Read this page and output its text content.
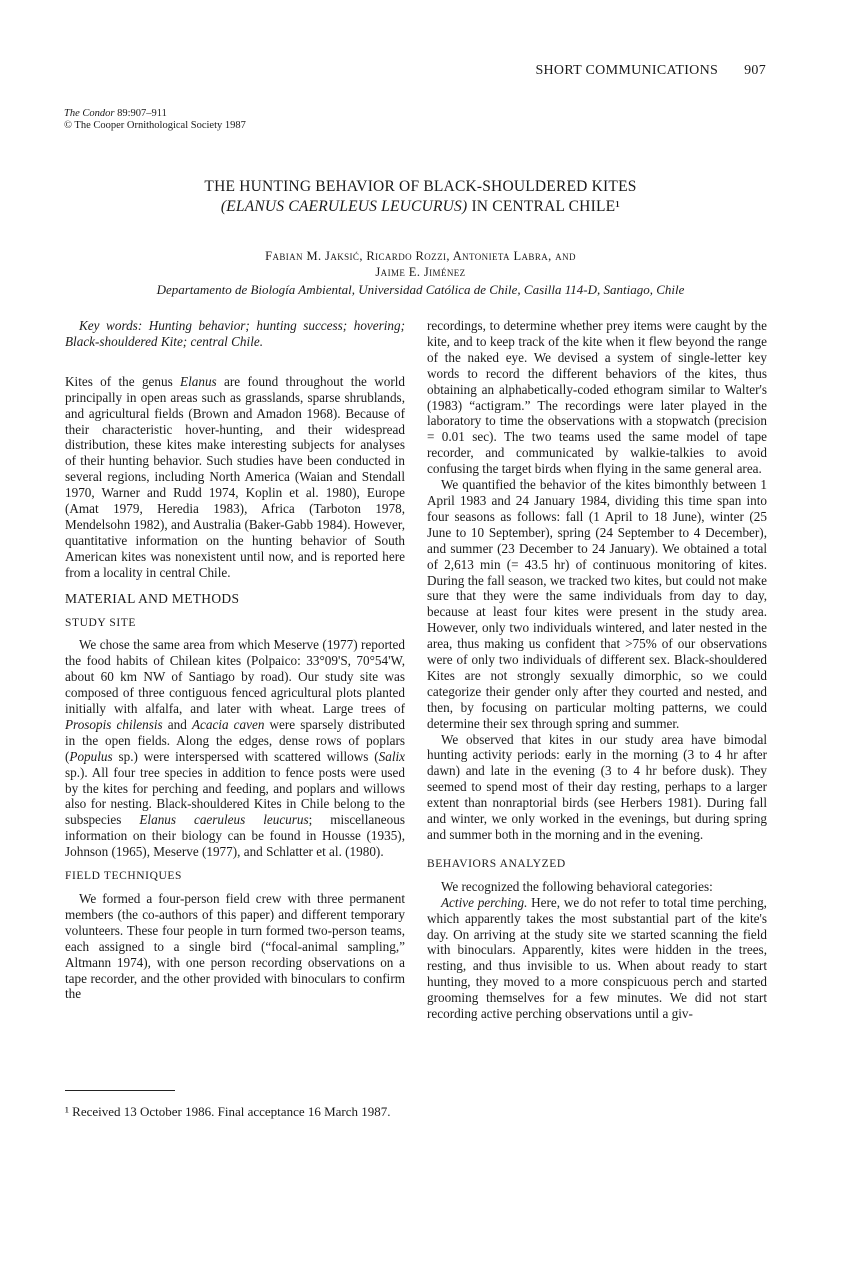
SHORT COMMUNICATIONS 907
The Condor 89:907–911
© The Cooper Ornithological Society 1987
THE HUNTING BEHAVIOR OF BLACK-SHOULDERED KITES
(ELANUS CAERULEUS LEUCURUS) IN CENTRAL CHILE¹
Fabian M. Jaksić, Ricardo Rozzi, Antonieta Labra, and
Jaime E. Jiménez
Departamento de Biología Ambiental, Universidad Católica de Chile, Casilla 114-D, Santiago, Chile

Key words: Hunting behavior; hunting success; hovering; Black-shouldered Kite; central Chile.

Kites of the genus Elanus are found throughout the world principally in open areas such as grasslands, sparse shrublands, and agricultural fields (Brown and Amadon 1968). Because of their characteristic hover-hunting, and their widespread distribution, these kites make interesting subjects for analyses of their hunting behavior. Such studies have been conducted in several regions, including North America (Waian and Stendall 1970, Warner and Rudd 1974, Koplin et al. 1980), Europe (Amat 1979, Heredia 1983), Africa (Tarboton 1978, Mendelsohn 1982), and Australia (Baker-Gabb 1984). However, quantitative information on the hunting behavior of South American kites was nonexistent until now, and is reported here from a locality in central Chile.

MATERIAL AND METHODS
STUDY SITE

We chose the same area from which Meserve (1977) reported the food habits of Chilean kites (Polpaico: 33°09'S, 70°54'W, about 60 km NW of Santiago by road). Our study site was composed of three contiguous fenced agricultural plots planted initially with alfalfa, and later with wheat. Large trees of Prosopis chilensis and Acacia caven were sparsely distributed in the open fields. Along the edges, dense rows of poplars (Populus sp.) were interspersed with scattered willows (Salix sp.). All four tree species in addition to fence posts were used by the kites for perching and feeding, and poplars and willows also for nesting. Black-shouldered Kites in Chile belong to the subspecies Elanus caeruleus leucurus; miscellaneous information on their biology can be found in Housse (1935), Johnson (1965), Meserve (1977), and Schlatter et al. (1980).

FIELD TECHNIQUES

We formed a four-person field crew with three permanent members (the co-authors of this paper) and different temporary volunteers. These four people in turn formed two-person teams, each assigned to a single bird (“focal-animal sampling,” Altmann 1974), with one person recording observations on a tape recorder, and the other provided with binoculars to confirm the

¹ Received 13 October 1986. Final acceptance 16 March 1987.

recordings, to determine whether prey items were caught by the kite, and to keep track of the kite when it flew beyond the range of the naked eye. We devised a system of single-letter key words to record the different behaviors of the kites, thus obtaining an alphabetically-coded ethogram similar to Walter's (1983) “actigram.” The recordings were later played in the laboratory to time the observations with a stopwatch (precision = 0.01 sec). The two teams used the same model of tape recorder, and communicated by walkie-talkies to avoid confusing the target birds when flying in the same general area.

We quantified the behavior of the kites bimonthly between 1 April 1983 and 24 January 1984, dividing this time span into four seasons as follows: fall (1 April to 18 June), winter (25 June to 10 September), spring (24 September to 4 December), and summer (23 December to 24 January). We obtained a total of 2,613 min (= 43.5 hr) of continuous monitoring of kites. During the fall season, we tracked two kites, but could not make sure that they were the same individuals from day to day, because at least four kites were present in the study area. However, only two individuals wintered, and later nested in the area, thus making us confident that >75% of our observations were of only two individuals of different sex. Black-shouldered Kites are not strongly sexually dimorphic, so we could categorize their gender only after they courted and nested, and then, by focusing on particular molting patterns, we could determine their sex through spring and summer.

We observed that kites in our study area have bimodal hunting activity periods: early in the morning (3 to 4 hr after dawn) and late in the evening (3 to 4 hr before dusk). They seemed to spend most of their day resting, perhaps to a larger extent than nonraptorial birds (see Herbers 1981). During fall and winter, we only worked in the evenings, but during spring and summer both in the morning and in the evening.

BEHAVIORS ANALYZED

We recognized the following behavioral categories:

Active perching. Here, we do not refer to total time perching, which apparently takes the most substantial part of the kite's day. On arriving at the study site we started scanning the field with binoculars. Apparently, kites were hidden in the trees, resting, and thus invisible to us. When about ready to start hunting, they moved to a more conspicuous perch and started grooming themselves for a few minutes. We did not start recording active perching observations until a giv-
